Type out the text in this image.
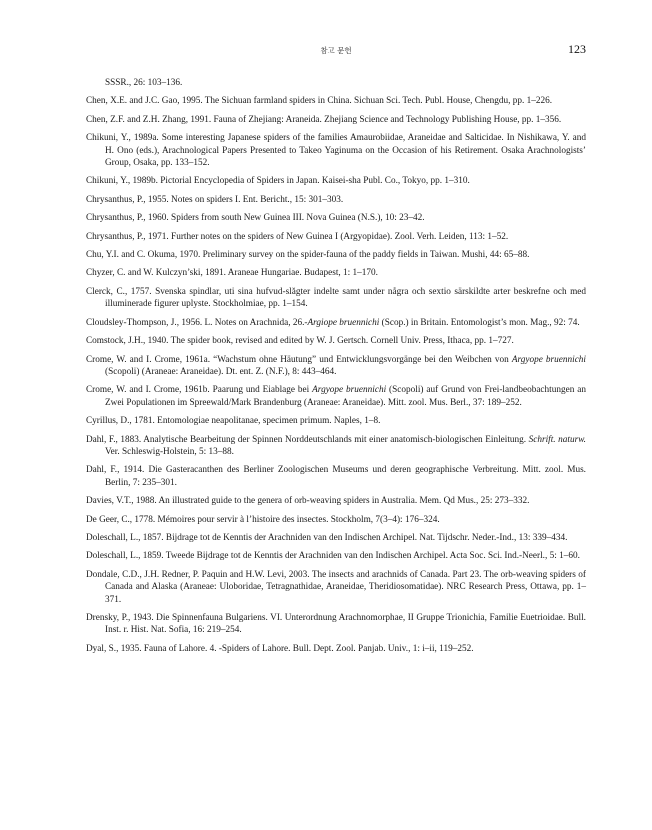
참고 문헌	123
SSSR., 26: 103–136.
Chen, X.E. and J.C. Gao, 1995. The Sichuan farmland spiders in China. Sichuan Sci. Tech. Publ. House, Chengdu, pp. 1–226.
Chen, Z.F. and Z.H. Zhang, 1991. Fauna of Zhejiang: Araneida. Zhejiang Science and Technology Publishing House, pp. 1–356.
Chikuni, Y., 1989a. Some interesting Japanese spiders of the families Amaurobiidae, Araneidae and Salticidae. In Nishikawa, Y. and H. Ono (eds.), Arachnological Papers Presented to Takeo Yaginuma on the Occasion of his Retirement. Osaka Arachnologists’ Group, Osaka, pp. 133–152.
Chikuni, Y., 1989b. Pictorial Encyclopedia of Spiders in Japan. Kaisei-sha Publ. Co., Tokyo, pp. 1–310.
Chrysanthus, P., 1955. Notes on spiders I. Ent. Bericht., 15: 301–303.
Chrysanthus, P., 1960. Spiders from south New Guinea III. Nova Guinea (N.S.), 10: 23–42.
Chrysanthus, P., 1971. Further notes on the spiders of New Guinea I (Argyopidae). Zool. Verh. Leiden, 113: 1–52.
Chu, Y.I. and C. Okuma, 1970. Preliminary survey on the spider-fauna of the paddy fields in Taiwan. Mushi, 44: 65–88.
Chyzer, C. and W. Kulczyn’ski, 1891. Araneae Hungariae. Budapest, 1: 1–170.
Clerck, C., 1757. Svenska spindlar, uti sina hufvud-slăgter indelte samt under några och sextio särskildte arter beskrefne och med illuminerade figurer uplyste. Stockholmiae, pp. 1–154.
Cloudsley-Thompson, J., 1956. L. Notes on Arachnida, 26.-Argiope bruennichi (Scop.) in Britain. Entomologist’s mon. Mag., 92: 74.
Comstock, J.H., 1940. The spider book, revised and edited by W. J. Gertsch. Cornell Univ. Press, Ithaca, pp. 1–727.
Crome, W. and I. Crome, 1961a. “Wachstum ohne Häutung” und Entwicklungsvorgänge bei den Weibchen von Argyope bruennichi (Scopoli) (Araneae: Araneidae). Dt. ent. Z. (N.F.), 8: 443–464.
Crome, W. and I. Crome, 1961b. Paarung und Eiablage bei Argyope bruennichi (Scopoli) auf Grund von Frei-landbeobachtungen an Zwei Populationen im Spreewald/Mark Brandenburg (Araneae: Araneidae). Mitt. zool. Mus. Berl., 37: 189–252.
Cyrillus, D., 1781. Entomologiae neapolitanae, specimen primum. Naples, 1–8.
Dahl, F., 1883. Analytische Bearbeitung der Spinnen Norddeutschlands mit einer anatomisch-biologischen Einleitung. Schrift. naturw. Ver. Schleswig-Holstein, 5: 13–88.
Dahl, F., 1914. Die Gasteracanthen des Berliner Zoologischen Museums und deren geographische Verbreitung. Mitt. zool. Mus. Berlin, 7: 235–301.
Davies, V.T., 1988. An illustrated guide to the genera of orb-weaving spiders in Australia. Mem. Qd Mus., 25: 273–332.
De Geer, C., 1778. Mémoires pour servir à l’histoire des insectes. Stockholm, 7(3–4): 176–324.
Doleschall, L., 1857. Bijdrage tot de Kenntis der Arachniden van den Indischen Archipel. Nat. Tijdschr. Neder.-Ind., 13: 339–434.
Doleschall, L., 1859. Tweede Bijdrage tot de Kenntis der Arachniden van den Indischen Archipel. Acta Soc. Sci. Ind.-Neerl., 5: 1–60.
Dondale, C.D., J.H. Redner, P. Paquin and H.W. Levi, 2003. The insects and arachnids of Canada. Part 23. The orb-weaving spiders of Canada and Alaska (Araneae: Uloboridae, Tetragnathidae, Araneidae, Theridiosomatidae). NRC Research Press, Ottawa, pp. 1–371.
Drensky, P., 1943. Die Spinnenfauna Bulgariens. VI. Unterordnung Arachnomorphae, II Gruppe Trionichia, Familie Euetrioidae. Bull. Inst. r. Hist. Nat. Sofia, 16: 219–254.
Dyal, S., 1935. Fauna of Lahore. 4. -Spiders of Lahore. Bull. Dept. Zool. Panjab. Univ., 1: i–ii, 119–252.
